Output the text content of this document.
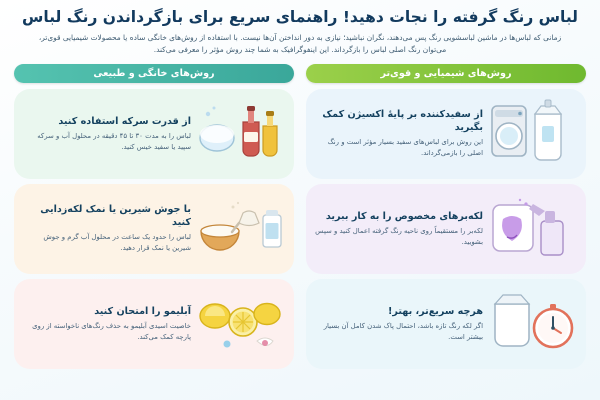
لباس رنگ گرفته را نجات دهید! راهنمای سریع برای بازگرداندن رنگ لباس
زمانی که لباس‌ها در ماشین لباسشویی رنگ پس می‌دهند، نگران نباشید؛ نیازی به دور انداختن آن‌ها نیست. با استفاده از روش‌های خانگی ساده یا محصولات شیمیایی قوی‌تر، می‌توان رنگ اصلی لباس را بازگرداند. این اینفوگرافیک به شما چند روش مؤثر را معرفی می‌کند.
روش‌های شیمیایی و قوی‌تر
از سفیدکننده بر پایهٔ اکسیژن کمک بگیرید
این روش برای لباس‌های سفید بسیار مؤثر است و رنگ اصلی را بازمی‌گرداند.
لکه‌برهای مخصوص را به کار ببرید
لکه‌بر را مستقیماً روی ناحیه رنگ گرفته اعمال کنید و سپس بشویید.
هرچه سریع‌تر، بهتر!
اگر لکه رنگ تازه باشد، احتمال پاک شدن کامل آن بسیار بیشتر است.
روش‌های خانگی و طبیعی
از قدرت سرکه استفاده کنید
لباس را به مدت ۳۰ تا ۴۵ دقیقه در محلول آب و سرکه سپید یا سفید خیس کنید.
با جوش شیرین یا نمک لکه‌زدایی کنید
لباس را حدود یک ساعت در محلول آب گرم و جوش شیرین یا نمک قرار دهید.
آبلیمو را امتحان کنید
خاصیت اسیدی آبلیمو به حذف رنگ‌های ناخواسته از روی پارچه کمک می‌کند.
